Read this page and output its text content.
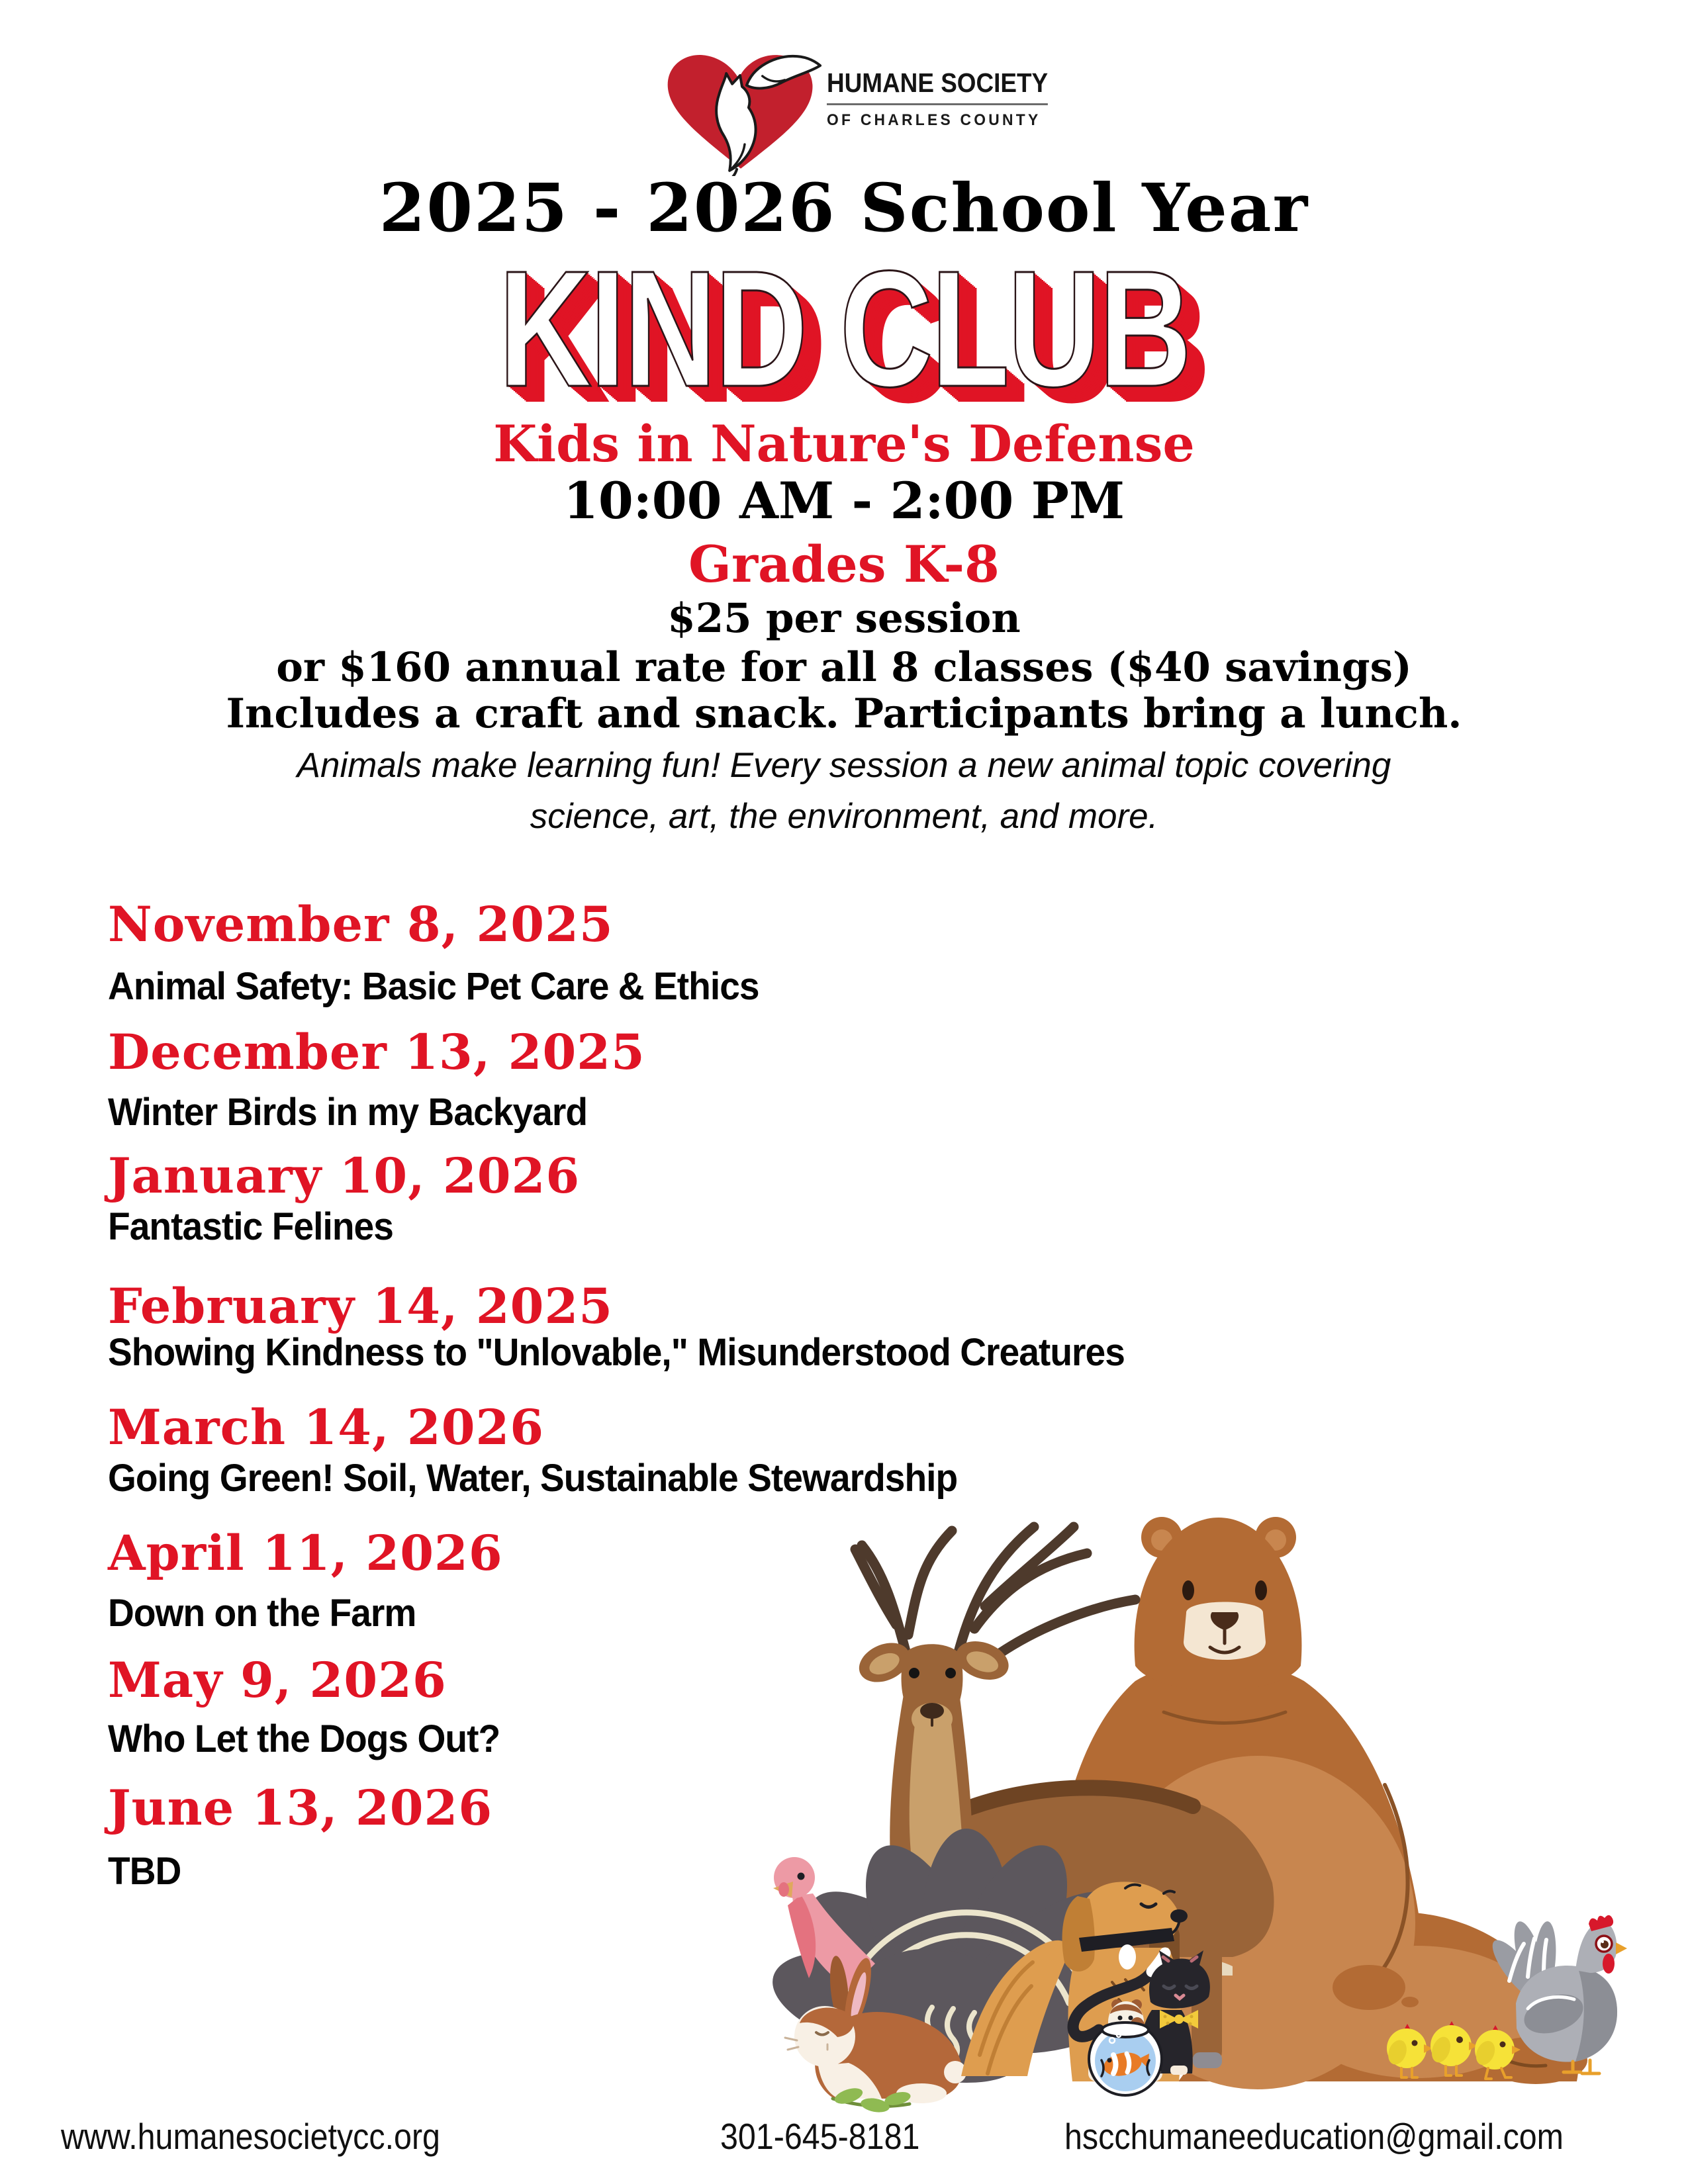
HUMANE SOCIETY
OF CHARLES COUNTY
2025 - 2026 School Year
KIND CLUB
Kids in Nature's Defense
10:00 AM - 2:00 PM
Grades K-8
$25 per session
or $160 annual rate for all 8 classes ($40 savings)
Includes a craft and snack. Participants bring a lunch.
Animals make learning fun! Every session a new animal topic covering
science, art, the environment, and more.
November 8, 2025
Animal Safety: Basic Pet Care & Ethics
December 13, 2025
Winter Birds in my Backyard
January 10, 2026
Fantastic Felines
February 14, 2025
Showing Kindness to "Unlovable," Misunderstood Creatures
March 14, 2026
Going Green! Soil, Water, Sustainable Stewardship
April 11, 2026
Down on the Farm
May 9, 2026
Who Let the Dogs Out?
June 13, 2026
TBD
www.humanesocietycc.org	301-645-8181	hscchumaneeducation@gmail.com
